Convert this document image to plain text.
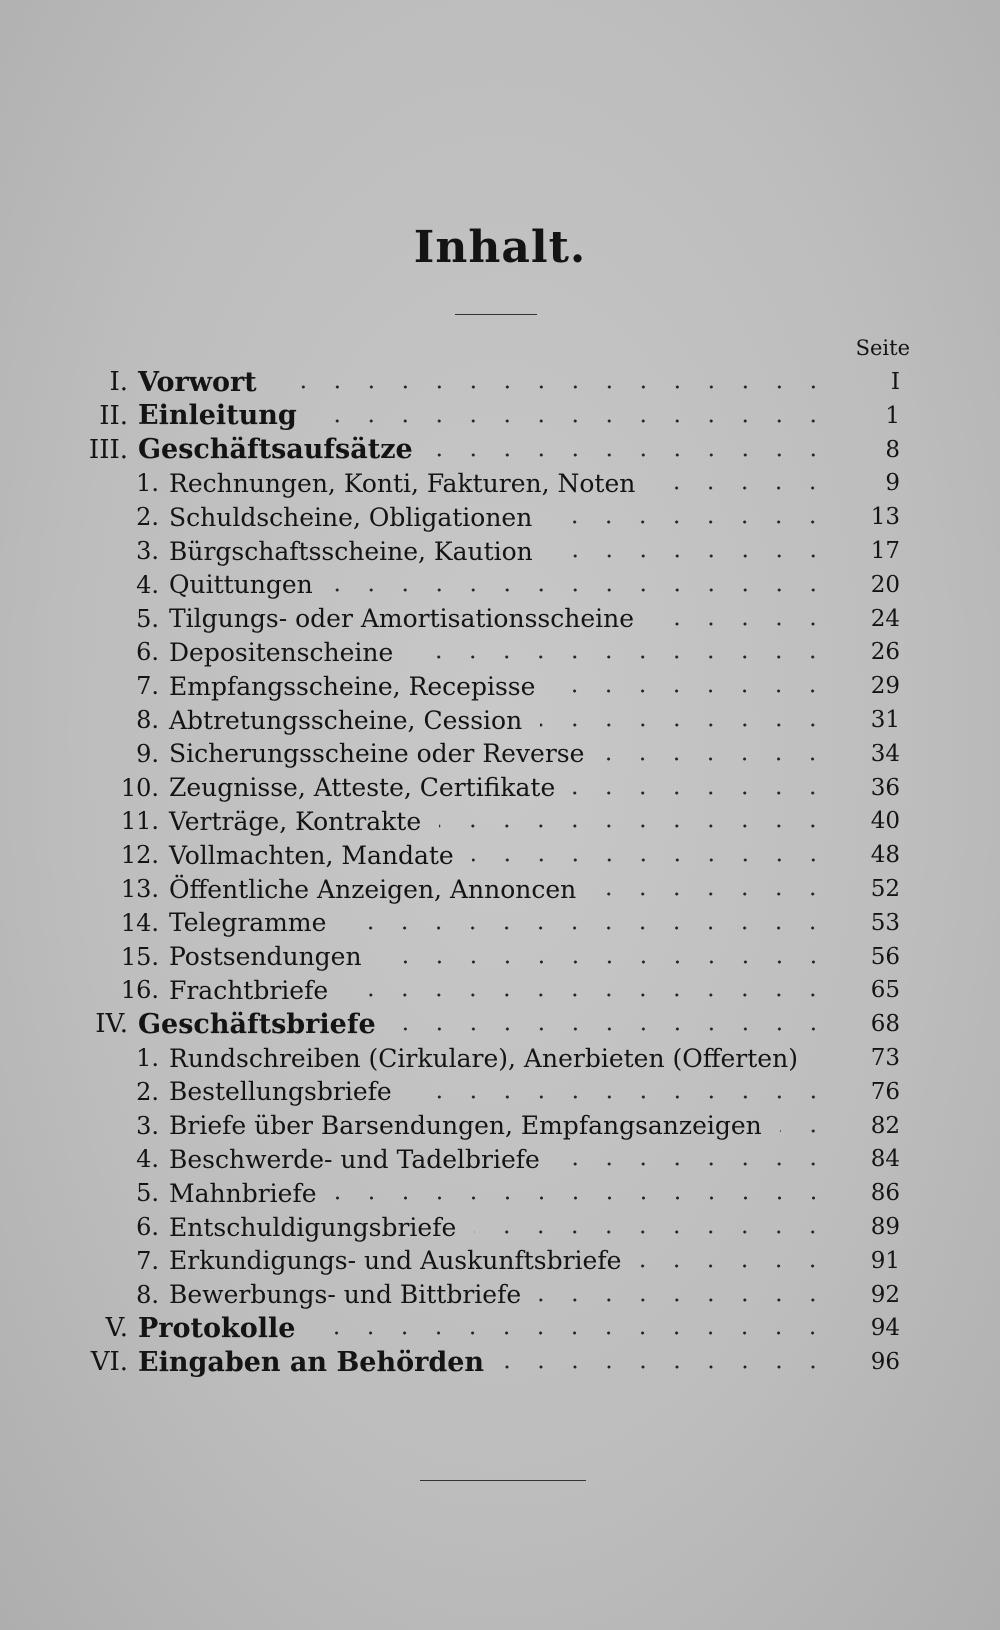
Inhalt.
Seite
I. Vorwort	I
II. Einleitung	1
III. Geschäftsaufsätze	8
1. Rechnungen, Konti, Fakturen, Noten	9
2. Schuldscheine, Obligationen	13
3. Bürgschaftsscheine, Kaution	17
4. Quittungen	20
5. Tilgungs- oder Amortisationsscheine	24
6. Depositenscheine	26
7. Empfangsscheine, Recepisse	29
8. Abtretungsscheine, Cession	31
9. Sicherungsscheine oder Reverse	34
10. Zeugnisse, Atteste, Certifikate	36
11. Verträge, Kontrakte	40
12. Vollmachten, Mandate	48
13. Öffentliche Anzeigen, Annoncen	52
14. Telegramme	53
15. Postsendungen	56
16. Frachtbriefe	65
IV. Geschäftsbriefe	68
1. Rundschreiben (Cirkulare), Anerbieten (Offerten)	73
2. Bestellungsbriefe	76
3. Briefe über Barsendungen, Empfangsanzeigen	82
4. Beschwerde- und Tadelbriefe	84
5. Mahnbriefe	86
6. Entschuldigungsbriefe	89
7. Erkundigungs- und Auskunftsbriefe	91
8. Bewerbungs- und Bittbriefe	92
V. Protokolle	94
VI. Eingaben an Behörden	96
